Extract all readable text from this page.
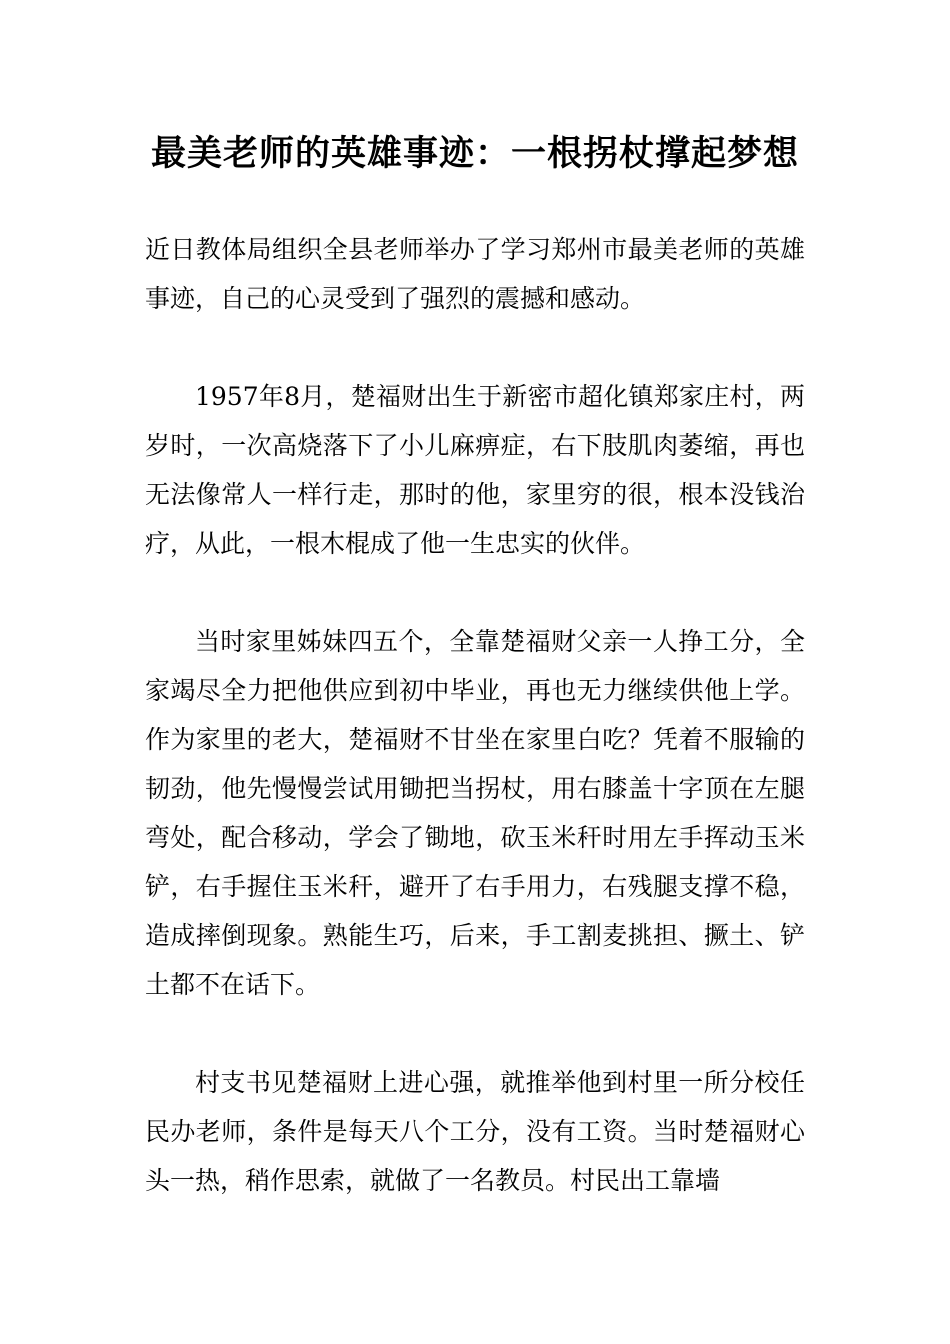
最美老师的英雄事迹：一根拐杖撑起梦想

近日教体局组织全县老师举办了学习郑州市最美老师的英雄事迹，自己的心灵受到了强烈的震撼和感动。

1957年8月，楚福财出生于新密市超化镇郑家庄村，两岁时，一次高烧落下了小儿麻痹症，右下肢肌肉萎缩，再也无法像常人一样行走，那时的他，家里穷的很，根本没钱治疗，从此，一根木棍成了他一生忠实的伙伴。

当时家里姊妹四五个，全靠楚福财父亲一人挣工分，全家竭尽全力把他供应到初中毕业，再也无力继续供他上学。作为家里的老大，楚福财不甘坐在家里白吃？凭着不服输的韧劲，他先慢慢尝试用锄把当拐杖，用右膝盖十字顶在左腿弯处，配合移动，学会了锄地，砍玉米秆时用左手挥动玉米铲，右手握住玉米秆，避开了右手用力，右残腿支撑不稳，造成摔倒现象。熟能生巧，后来，手工割麦挑担、撅土、铲土都不在话下。

村支书见楚福财上进心强，就推举他到村里一所分校任民办老师，条件是每天八个工分，没有工资。当时楚福财心头一热，稍作思索，就做了一名教员。村民出工靠墙
